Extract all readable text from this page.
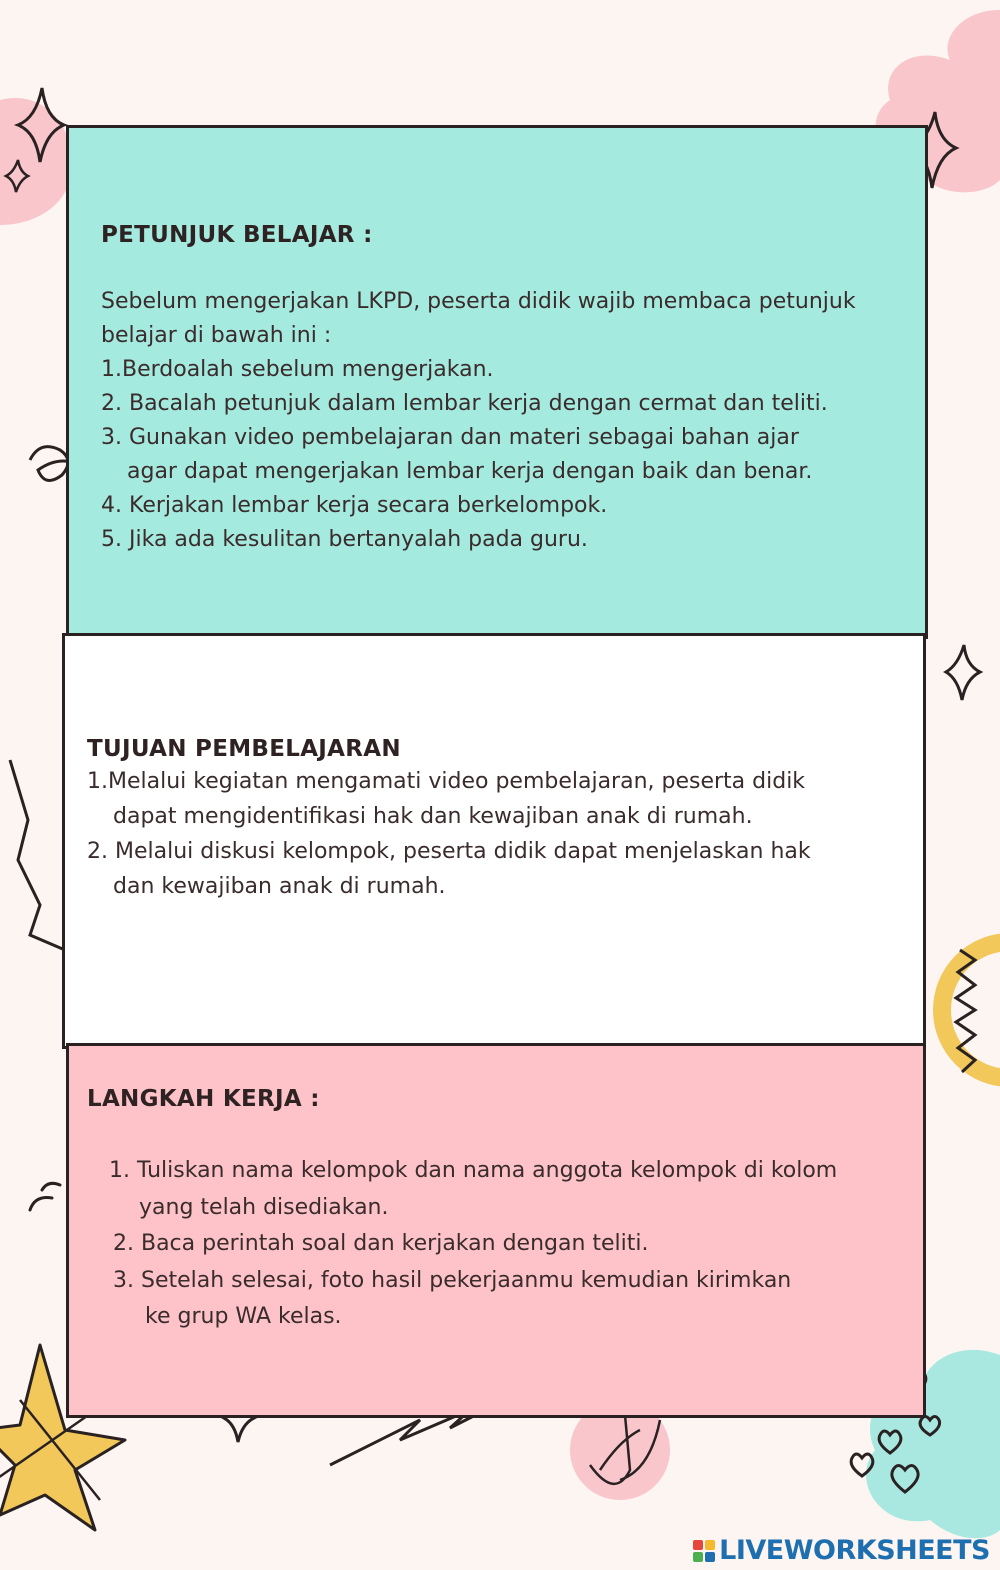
PETUNJUK BELAJAR :
Sebelum mengerjakan LKPD, peserta didik wajib membaca petunjuk
belajar di bawah ini :
1.Berdoalah sebelum mengerjakan.
2. Bacalah petunjuk dalam lembar kerja dengan cermat dan teliti.
3. Gunakan video pembelajaran dan materi sebagai bahan ajar
agar dapat mengerjakan lembar kerja dengan baik dan benar.
4. Kerjakan lembar kerja secara berkelompok.
5. Jika ada kesulitan bertanyalah pada guru.
TUJUAN PEMBELAJARAN
1.Melalui kegiatan mengamati video pembelajaran, peserta didik
dapat mengidentifikasi hak dan kewajiban anak di rumah.
2. Melalui diskusi kelompok, peserta didik dapat menjelaskan hak
dan kewajiban anak di rumah.
LANGKAH KERJA :
1. Tuliskan nama kelompok dan nama anggota kelompok di kolom
yang telah disediakan.
2. Baca perintah soal dan kerjakan dengan teliti.
3. Setelah selesai, foto hasil pekerjaanmu kemudian kirimkan
ke grup WA kelas.
LIVEWORKSHEETS
